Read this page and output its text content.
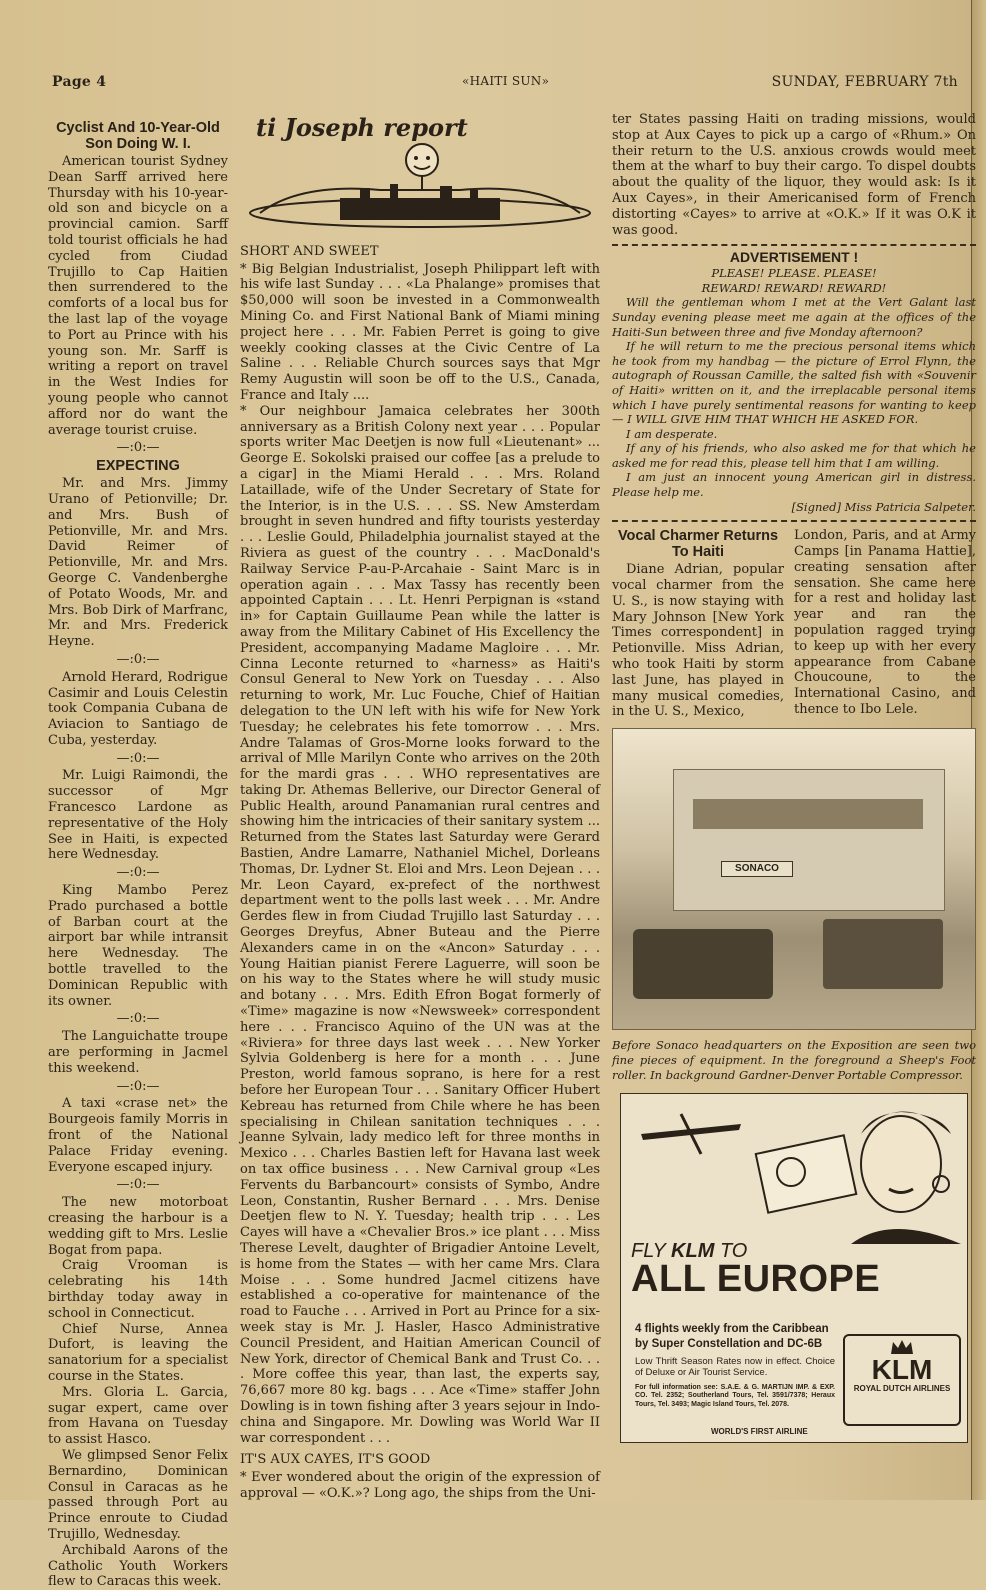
Page 4	«HAITI SUN»	SUNDAY, FEBRUARY 7th
Cyclist And 10-Year-Old Son Doing W. I.

American tourist Sydney Dean Sarff arrived here Thursday with his 10-year-old son and bicycle on a provincial camion. Sarff told tourist officials he had cycled from Ciudad Trujillo to Cap Haitien then surrendered to the comforts of a local bus for the last lap of the voyage to Port au Prince with his young son. Mr. Sarff is writing a report on travel in the West Indies for young people who cannot afford nor do want the average tourist cruise.

—:0:—
EXPECTING

Mr. and Mrs. Jimmy Urano of Petionville; Dr. and Mrs. Bush of Petionville, Mr. and Mrs. David Reimer of Petionville, Mr. and Mrs. George C. Vandenberghe of Potato Woods, Mr. and Mrs. Bob Dirk of Marfranc, Mr. and Mrs. Frederick Heyne.

—:0:—

Arnold Herard, Rodrigue Casimir and Louis Celestin took Compania Cubana de Aviacion to Santiago de Cuba, yesterday.

—:0:—

Mr. Luigi Raimondi, the successor of Mgr Francesco Lardone as representative of the Holy See in Haiti, is expected here Wednesday.

—:0:—

King Mambo Perez Prado purchased a bottle of Barban court at the airport bar while intransit here Wednesday. The bottle travelled to the Dominican Republic with its owner.

—:0:—

The Languichatte troupe are performing in Jacmel this weekend.

—:0:—

A taxi «crase net» the Bourgeois family Morris in front of the National Palace Friday evening. Everyone escaped injury.

—:0:—

The new motorboat creasing the harbour is a wedding gift to Mrs. Leslie Bogat from papa.

Craig Vrooman is celebrating his 14th birthday today away in school in Connecticut.

Chief Nurse, Annea Dufort, is leaving the sanatorium for a specialist course in the States.

Mrs. Gloria L. Garcia, sugar expert, came over from Havana on Tuesday to assist Hasco.

We glimpsed Senor Felix Bernardino, Dominican Consul in Caracas as he passed through Port au Prince enroute to Ciudad Trujillo, Wednesday.

Archibald Aarons of the Catholic Youth Workers flew to Caracas this week.

ti Joseph report
SHORT AND SWEET

* Big Belgian Industrialist, Joseph Philippart left with his wife last Sunday . . . «La Phalange» promises that $50,000 will soon be invested in a Commonwealth Mining Co. and First National Bank of Miami mining project here . . . Mr. Fabien Perret is going to give weekly cooking classes at the Civic Centre of La Saline . . . Reliable Church sources says that Mgr Remy Augustin will soon be off to the U.S., Canada, France and Italy ....

* Our neighbour Jamaica celebrates her 300th anniversary as a British Colony next year . . . Popular sports writer Mac Deetjen is now full «Lieutenant» ... George E. Sokolski praised our coffee [as a prelude to a cigar] in the Miami Herald . . . Mrs. Roland Lataillade, wife of the Under Secretary of State for the Interior, is in the U.S. . . . SS. New Amsterdam brought in seven hundred and fifty tourists yesterday . . . Leslie Gould, Philadelphia journalist stayed at the Riviera as guest of the country . . . MacDonald's Railway Service P-au-P-Arcahaie - Saint Marc is in operation again . . . Max Tassy has recently been appointed Captain . . . Lt. Henri Perpignan is «stand in» for Captain Guillaume Pean while the latter is away from the Military Cabinet of His Excellency the President, accompanying Madame Magloire . . . Mr. Cinna Leconte returned to «harness» as Haiti's Consul General to New York on Tuesday . . . Also returning to work, Mr. Luc Fouche, Chief of Haitian delegation to the UN left with his wife for New York Tuesday; he celebrates his fete tomorrow . . . Mrs. Andre Talamas of Gros-Morne looks forward to the arrival of Mlle Marilyn Conte who arrives on the 20th for the mardi gras . . . WHO representatives are taking Dr. Athemas Bellerive, our Director General of Public Health, around Panamanian rural centres and showing him the intricacies of their sanitary system ... Returned from the States last Saturday were Gerard Bastien, Andre Lamarre, Nathaniel Michel, Dorleans Thomas, Dr. Lydner St. Eloi and Mrs. Leon Dejean . . . Mr. Leon Cayard, ex-prefect of the northwest department went to the polls last week . . . Mr. Andre Gerdes flew in from Ciudad Trujillo last Saturday . . . Georges Dreyfus, Abner Buteau and the Pierre Alexanders came in on the «Ancon» Saturday . . . Young Haitian pianist Ferere Laguerre, will soon be on his way to the States where he will study music and botany . . . Mrs. Edith Efron Bogat formerly of «Time» magazine is now «Newsweek» correspondent here . . . Francisco Aquino of the UN was at the «Riviera» for three days last week . . . New Yorker Sylvia Goldenberg is here for a month . . . June Preston, world famous soprano, is here for a rest before her European Tour . . . Sanitary Officer Hubert Kebreau has returned from Chile where he has been specialising in Chilean sanitation techniques . . . Jeanne Sylvain, lady medico left for three months in Mexico . . . Charles Bastien left for Havana last week on tax office business . . . New Carnival group «Les Fervents du Barbancourt» consists of Symbo, Andre Leon, Constantin, Rusher Bernard . . . Mrs. Denise Deetjen flew to N. Y. Tuesday; health trip . . . Les Cayes will have a «Chevalier Bros.» ice plant . . . Miss Therese Levelt, daughter of Brigadier Antoine Levelt, is home from the States — with her came Mrs. Clara Moise . . . Some hundred Jacmel citizens have established a co-operative for maintenance of the road to Fauche . . . Arrived in Port au Prince for a six-week stay is Mr. J. Hasler, Hasco Administrative Council President, and Haitian American Council of New York, director of Chemical Bank and Trust Co. . . . More coffee this year, than last, the experts say, 76,667 more 80 kg. bags . . . Ace «Time» staffer John Dowling is in town fishing after 3 years sejour in Indo-china and Singapore. Mr. Dowling was World War II war correspondent . . .

IT'S AUX CAYES, IT'S GOOD

* Ever wondered about the origin of the expression of approval — «O.K.»? Long ago, the ships from the Uni-

ter States passing Haiti on trading missions, would stop at Aux Cayes to pick up a cargo of «Rhum.» On their return to the U.S. anxious crowds would meet them at the wharf to buy their cargo. To dispel doubts about the quality of the liquor, they would ask: Is it Aux Cayes», in their Americanised form of French distorting «Cayes» to arrive at «O.K.» If it was O.K it was good.

ADVERTISEMENT !

PLEASE! PLEASE. PLEASE!

REWARD! REWARD! REWARD!

Will the gentleman whom I met at the Vert Galant last Sunday evening please meet me again at the offices of the Haiti-Sun between three and five Monday afternoon?

If he will return to me the precious personal items which he took from my handbag — the picture of Errol Flynn, the autograph of Roussan Camille, the salted fish with «Souvenir of Haiti» written on it, and the irreplacable personal items which I have purely sentimental reasons for wanting to keep — I WILL GIVE HIM THAT WHICH HE ASKED FOR.

I am desperate.

If any of his friends, who also asked me for that which he asked me for read this, please tell him that I am willing.

I am just an innocent young American girl in distress. Please help me.

[Signed] Miss Patricia Salpeter.

Vocal Charmer Returns To Haiti

Diane Adrian, popular vocal charmer from the U. S., is now staying with Mary Johnson [New York Times correspondent] in Petionville. Miss Adrian, who took Haiti by storm last June, has played in many musical comedies, in the U. S., Mexico,

London, Paris, and at Army Camps [in Panama Hattie], creating sensation after sensation. She came here for a rest and holiday last year and ran the population ragged trying to keep up with her every appearance from Cabane Choucoune, to the International Casino, and thence to Ibo Lele.

SONACO
Before Sonaco headquarters on the Exposition are seen two fine pieces of equipment. In the foreground a Sheep's Foot roller. In background Gardner-Denver Portable Compressor.
FLY KLM TO
ALL EUROPE
4 flights weekly from the Caribbean
by Super Constellation and DC-6B
Low Thrift Season Rates now in effect. Choice of Deluxe or Air Tourist Service.
For full information see: S.A.E. & G. MARTIJN IMP. & EXP. CO. Tel. 2352; Southerland Tours, Tel. 3591/7378; Heraux Tours, Tel. 3493; Magic Island Tours, Tel. 2078.
WORLD'S FIRST AIRLINE
KLM
ROYAL DUTCH AIRLINES
